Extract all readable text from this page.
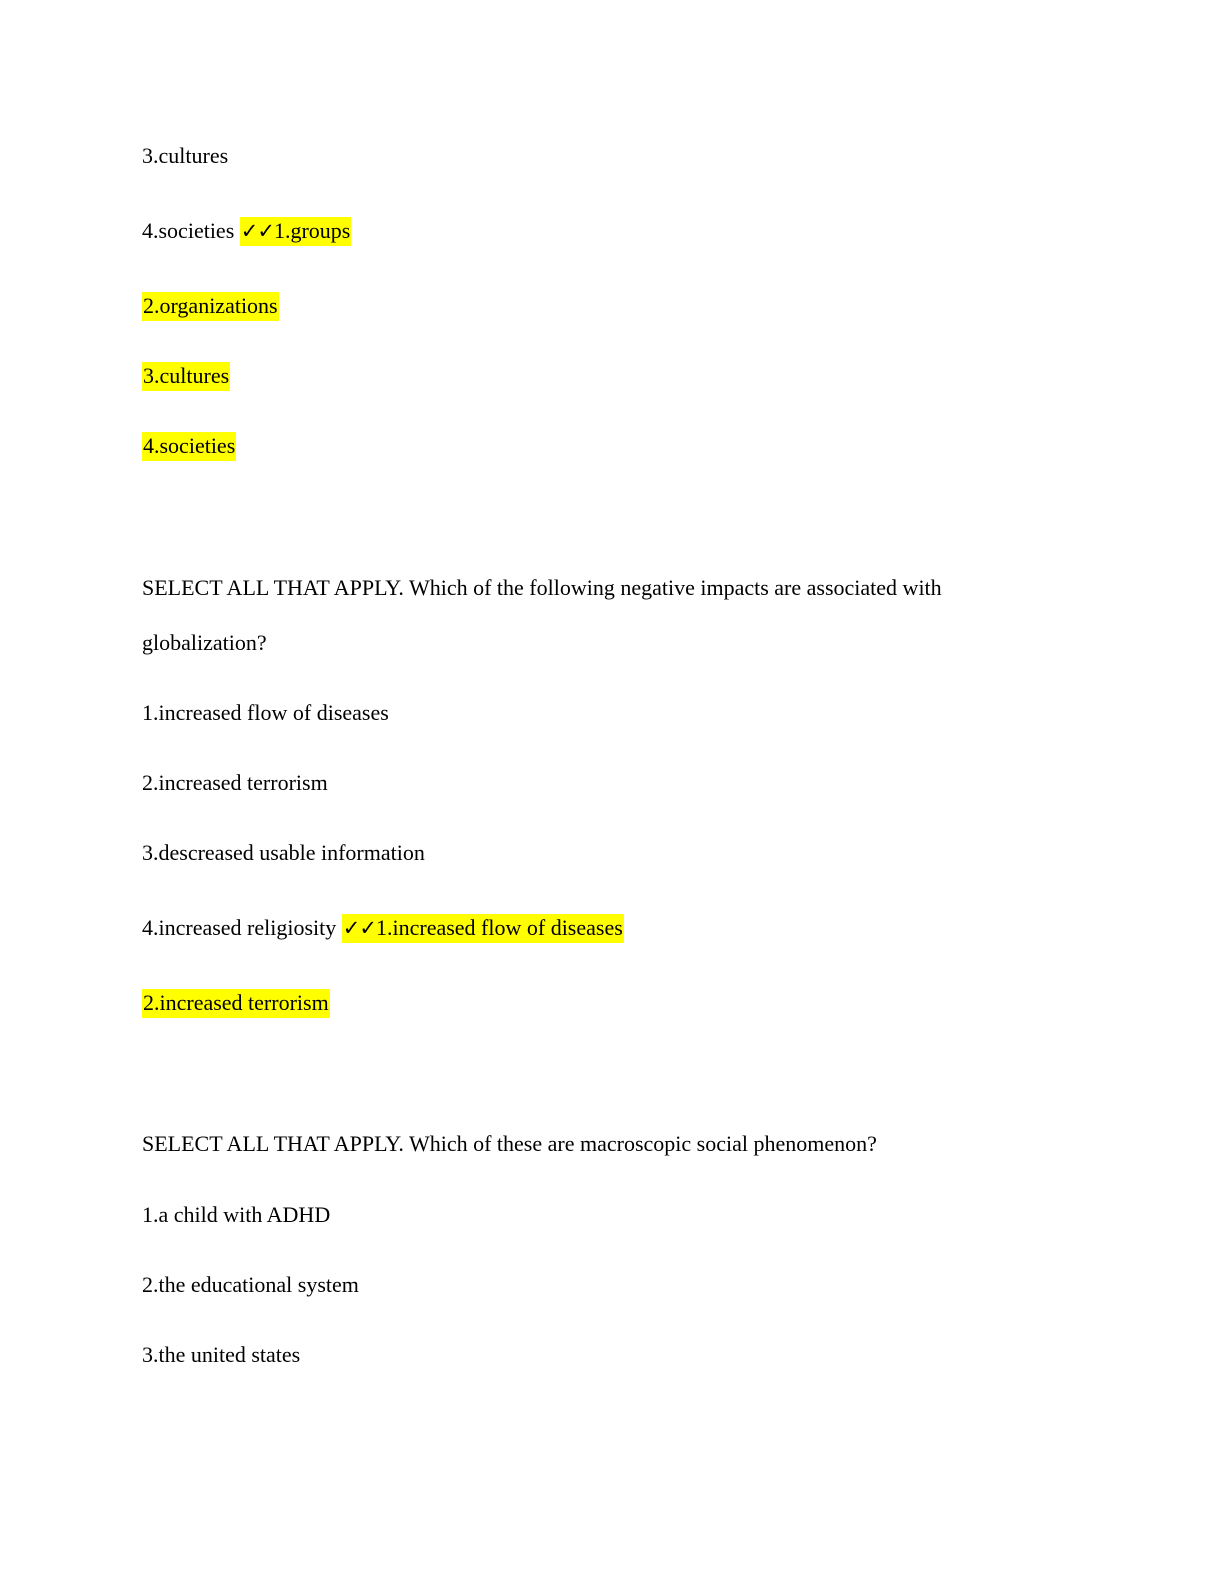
3.cultures
4.societies ✓✓1.groups
2.organizations
3.cultures
4.societies
SELECT ALL THAT APPLY. Which of the following negative impacts are associated with
globalization?
1.increased flow of diseases
2.increased terrorism
3.descreased usable information
4.increased religiosity ✓✓1.increased flow of diseases
2.increased terrorism
SELECT ALL THAT APPLY. Which of these are macroscopic social phenomenon?
1.a child with ADHD
2.the educational system
3.the united states
